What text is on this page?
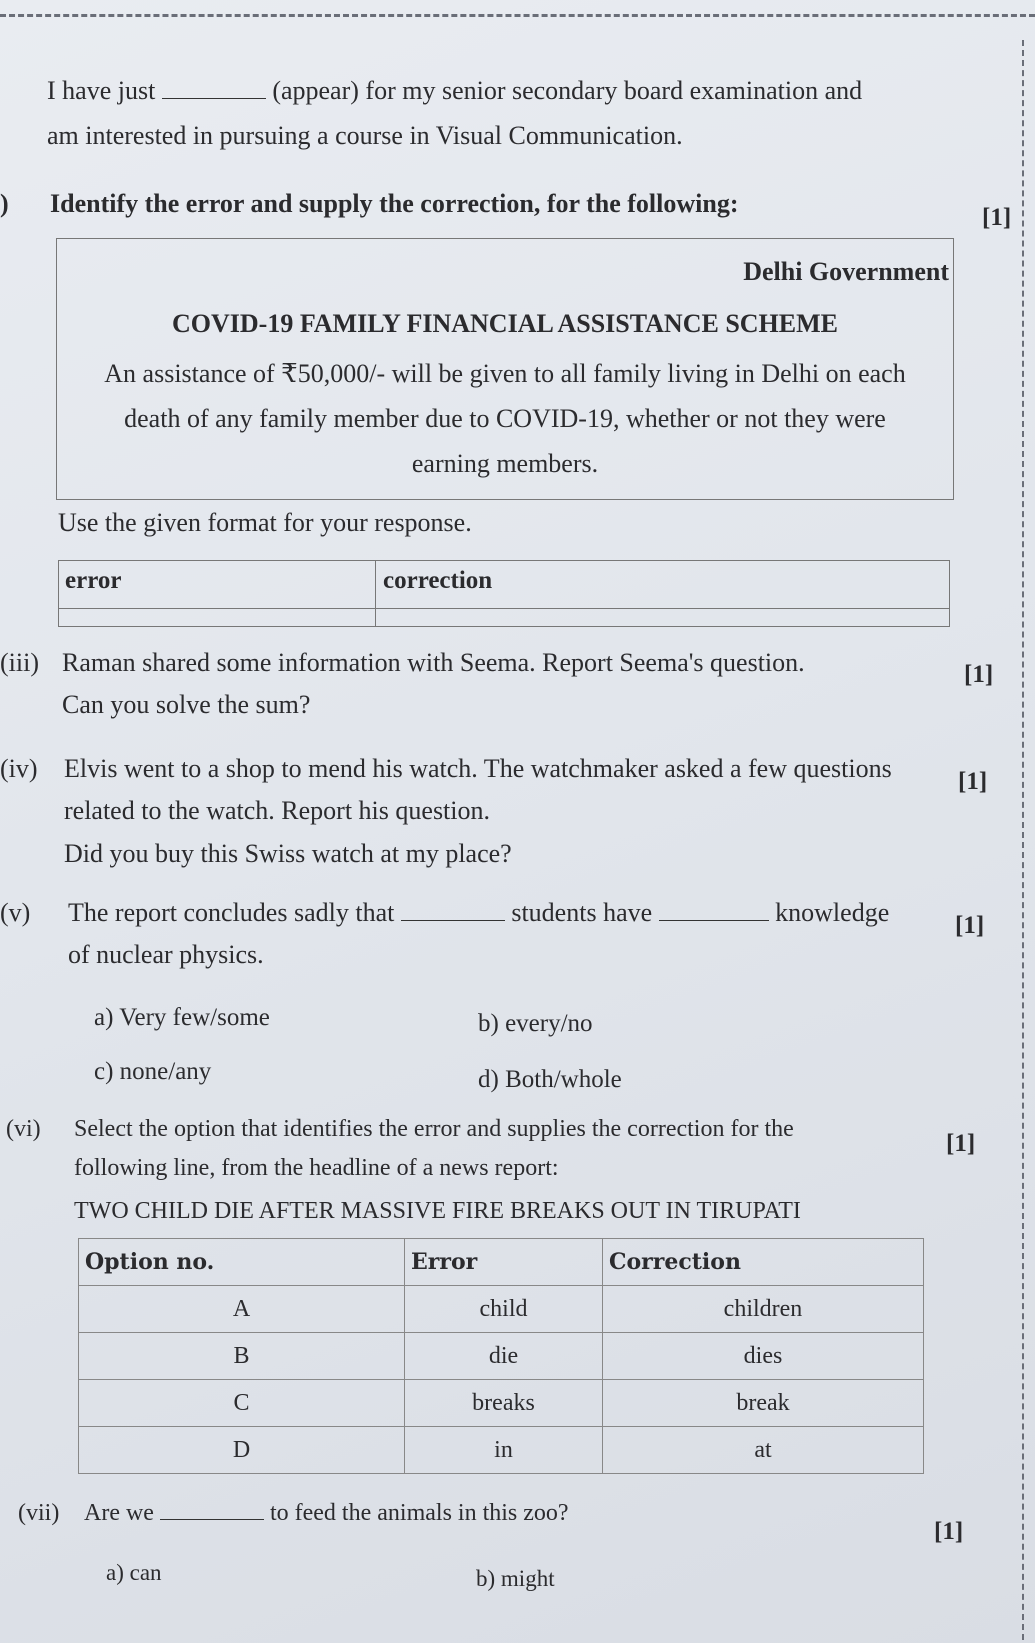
I have just	(appear) for my senior secondary board examination and
am interested in pursuing a course in Visual Communication.
) Identify the error and supply the correction, for the following:	[1]
Delhi Government
COVID-19 FAMILY FINANCIAL ASSISTANCE SCHEME
An assistance of ₹50,000/- will be given to all family living in Delhi on each
death of any family member due to COVID-19, whether or not they were
earning members.
Use the given format for your response.
error	correction
(iii) Raman shared some information with Seema. Report Seema's question.	[1]
Can you solve the sum?
(iv) Elvis went to a shop to mend his watch. The watchmaker asked a few questions	[1]
related to the watch. Report his question.
Did you buy this Swiss watch at my place?
(v) The report concludes sadly that	students have	knowledge	[1]
of nuclear physics.
a) Very few/some	b) every/no
c) none/any	d) Both/whole
(vi) Select the option that identifies the error and supplies the correction for the
[1]
following line, from the headline of a news report:
TWO CHILD DIE AFTER MASSIVE FIRE BREAKS OUT IN TIRUPATI
Option no.	Error	Correction
A	child	children
B	die	dies
C	breaks	break
D	in	at
(vii) Are we	to feed the animals in this zoo?
[1]
a) can	b) might
